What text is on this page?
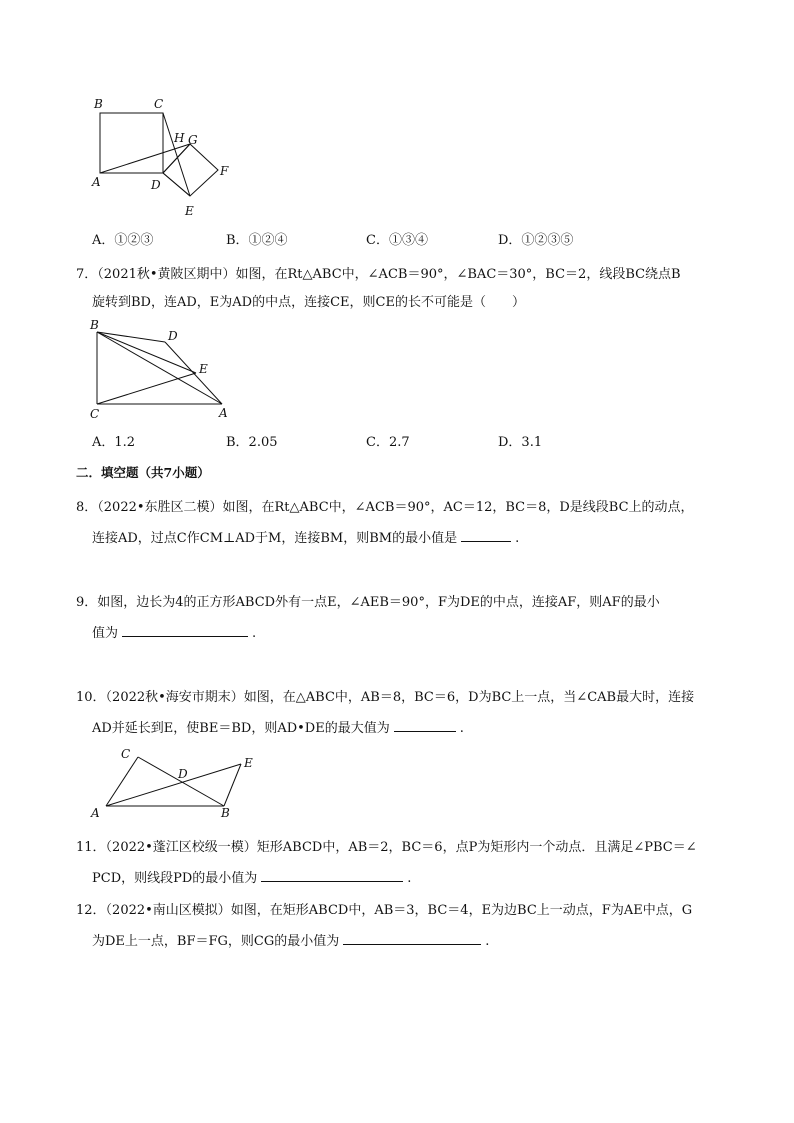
B	C
H G
A	D
F
E
A．①②③	B．①②④	C．①③④	D．①②③⑤
7．（2021秋•黄陂区期中）如图，在Rt△ABC中，∠ACB＝90°，∠BAC＝30°，BC＝2，线段BC绕点B
旋转到BD，连AD，E为AD的中点，连接CE，则CE的长不可能是（　　）
B
D
E
C	A
A．1.2	B．2.05	C．2.7	D．3.1
二．填空题（共7小题）
8．（2022•东胜区二模）如图，在Rt△ABC中，∠ACB＝90°，AC＝12，BC＝8，D是线段BC上的动点，
连接AD，过点C作CM⊥AD于M，连接BM，则BM的最小值是	.
9．如图，边长为4的正方形ABCD外有一点E，∠AEB＝90°，F为DE的中点，连接AF，则AF的最小
值为	.
10．（2022秋•海安市期末）如图，在△ABC中，AB＝8，BC＝6，D为BC上一点，当∠CAB最大时，连接
AD并延长到E，使BE＝BD，则AD•DE的最大值为	.
C
D
E
A	B
11．（2022•蓬江区校级一模）矩形ABCD中，AB＝2，BC＝6，点P为矩形内一个动点．且满足∠PBC＝∠
PCD，则线段PD的最小值为	.
12．（2022•南山区模拟）如图，在矩形ABCD中，AB＝3，BC＝4，E为边BC上一动点，F为AE中点，G
为DE上一点，BF＝FG，则CG的最小值为	.
